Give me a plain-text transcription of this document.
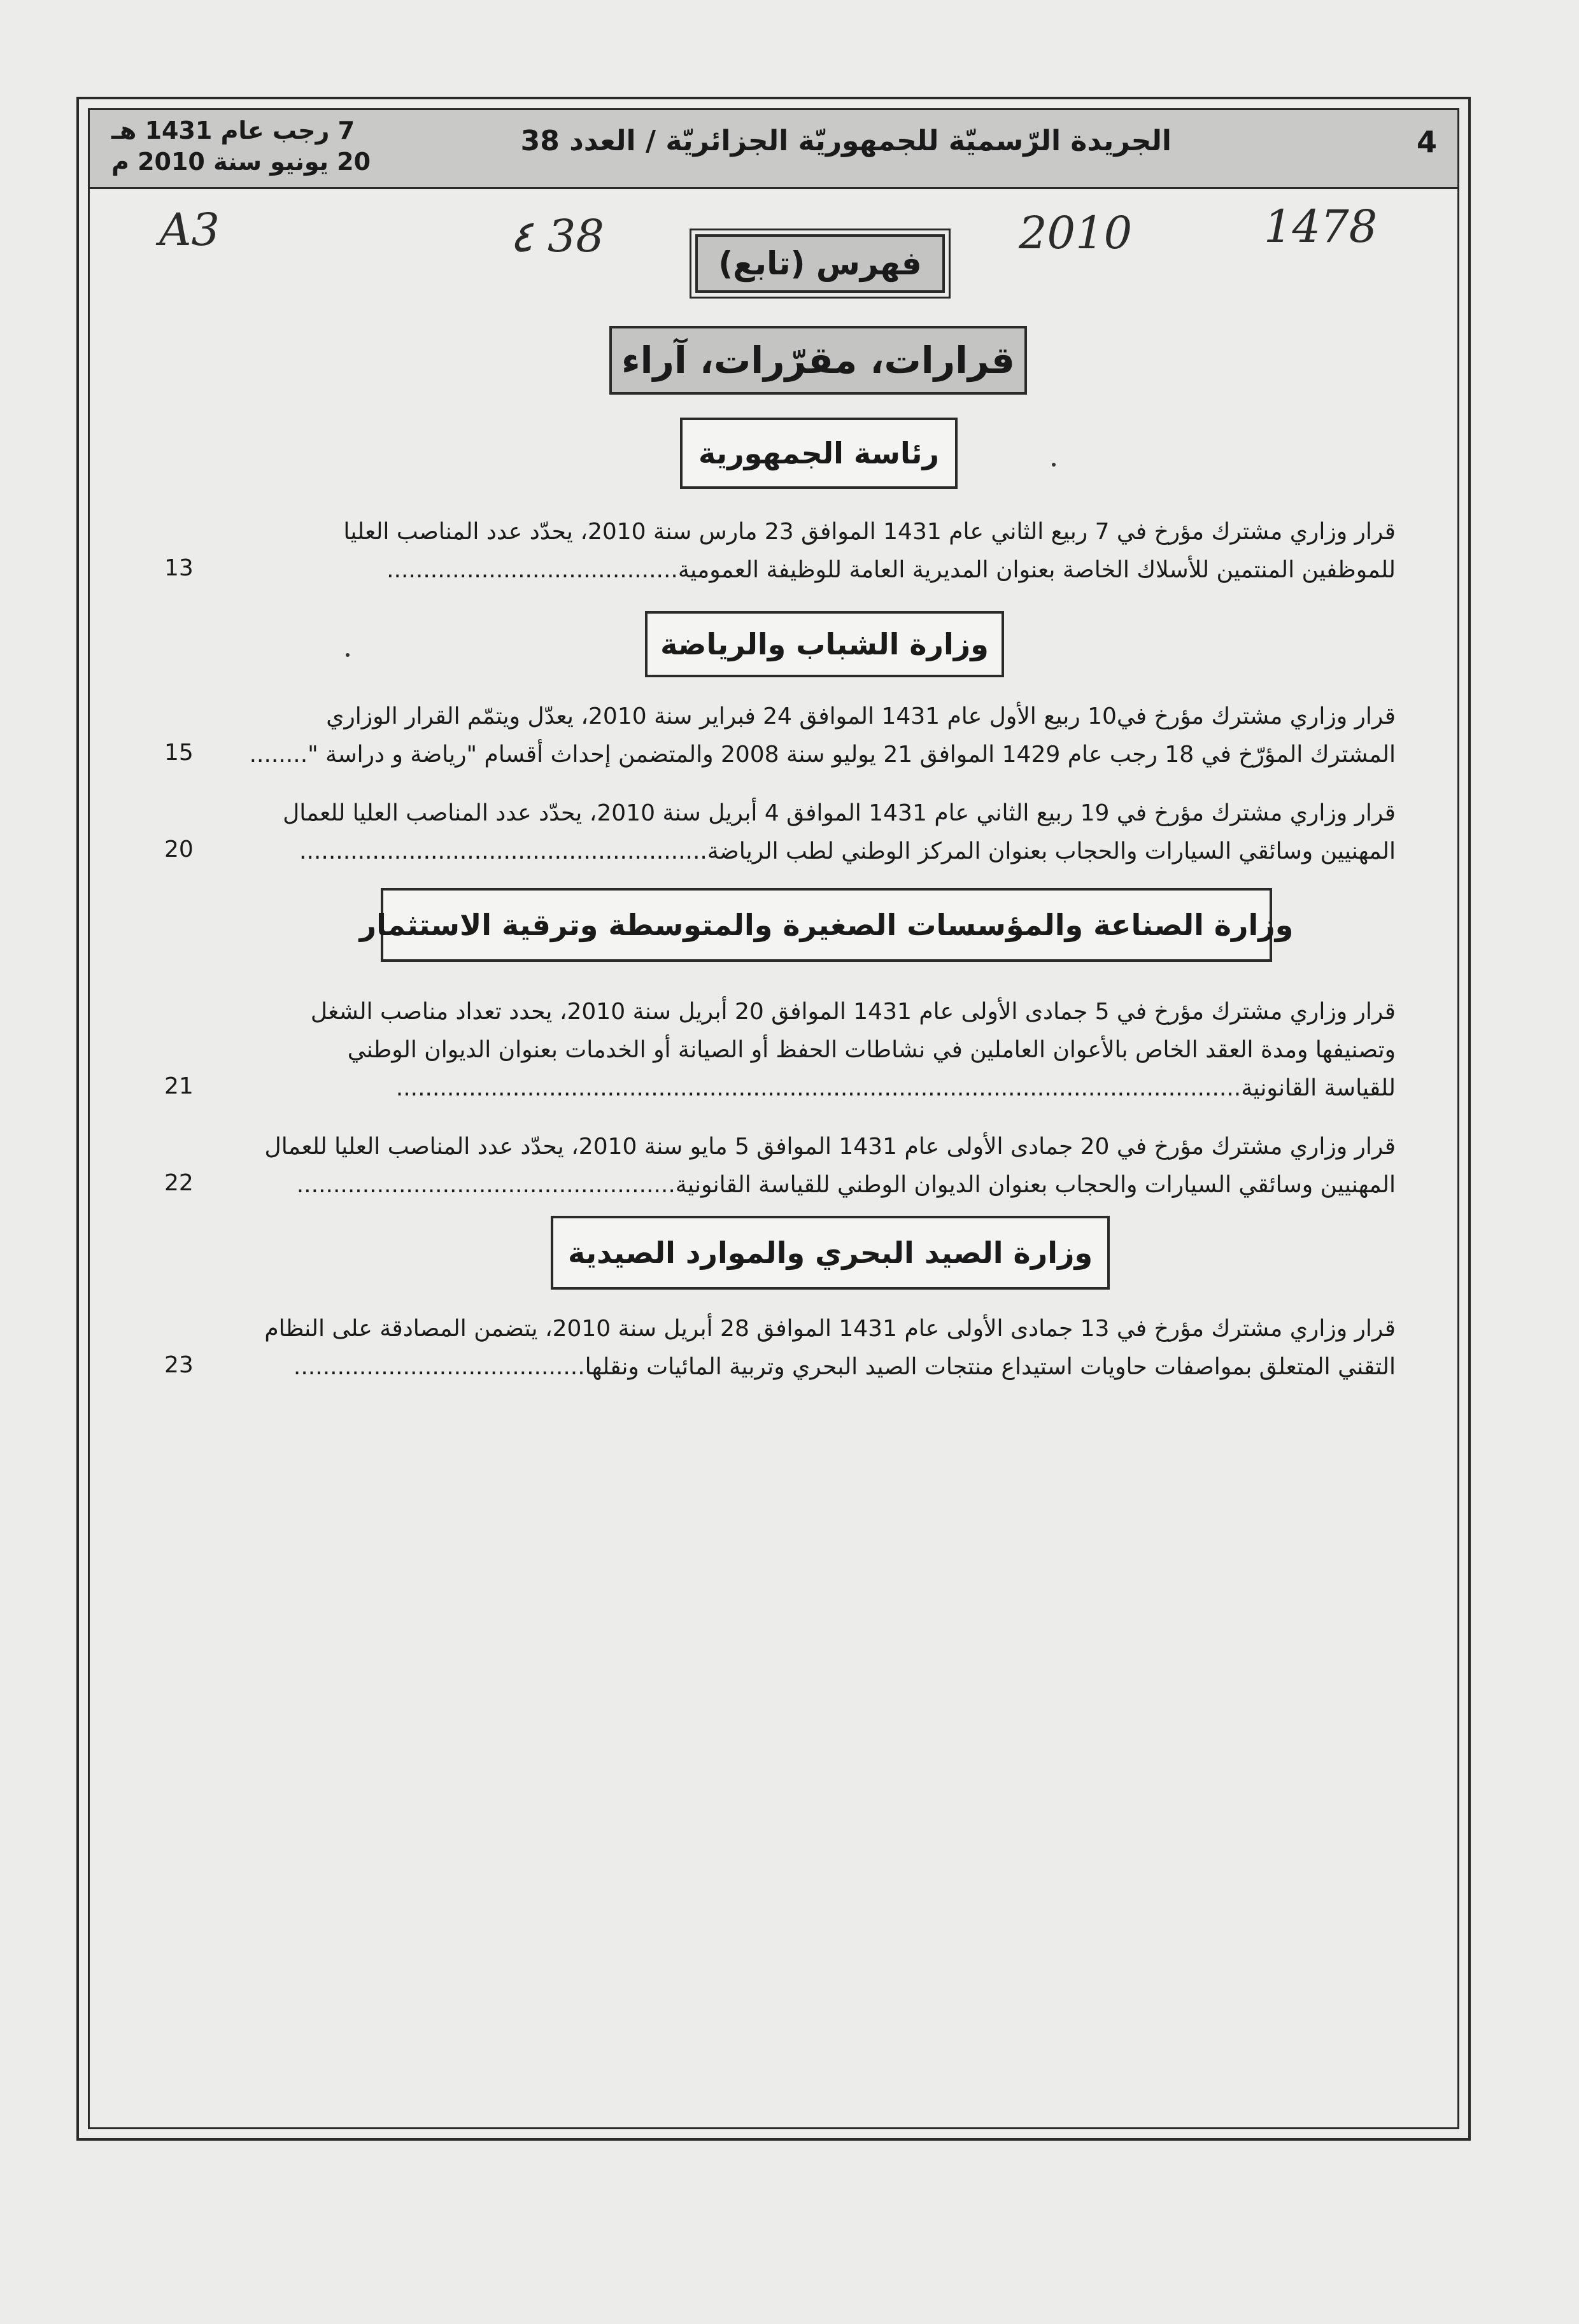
4
الجريدة الرّسميّة للجمهوريّة الجزائريّة / العدد 38
7 رجب عام 1431 هـ
20 يونيو سنة 2010 م
A3	38 ٤	2010	1478
فهرس (تابع)
قرارات، مقرّرات، آراء
رئاسة الجمهورية
قرار وزاري مشترك مؤرخ في 7 ربيع الثاني عام 1431 الموافق 23 مارس سنة 2010، يحدّد عدد المناصب العليا
للموظفين المنتمين للأسلاك الخاصة بعنوان المديرية العامة للوظيفة العمومية........................................
13
وزارة الشباب والرياضة
قرار وزاري مشترك مؤرخ في10 ربيع الأول عام 1431 الموافق 24 فبراير سنة 2010، يعدّل ويتمّم القرار الوزاري
المشترك المؤرّخ في 18 رجب عام 1429 الموافق 21 يوليو سنة 2008 والمتضمن إحداث أقسام "رياضة و دراسة "........
15
قرار وزاري مشترك مؤرخ في 19 ربيع الثاني عام 1431 الموافق 4 أبريل سنة 2010، يحدّد عدد المناصب العليا للعمال
المهنيين وسائقي السيارات والحجاب بعنوان المركز الوطني لطب الرياضة........................................................
20
وزارة الصناعة والمؤسسات الصغيرة والمتوسطة وترقية الاستثمار
قرار وزاري مشترك مؤرخ في 5 جمادى الأولى عام 1431 الموافق 20 أبريل سنة 2010، يحدد تعداد مناصب الشغل
وتصنيفها ومدة العقد الخاص بالأعوان العاملين في نشاطات الحفظ أو الصيانة أو الخدمات بعنوان الديوان الوطني
للقياسة القانونية....................................................................................................................
21
قرار وزاري مشترك مؤرخ في 20 جمادى الأولى عام 1431 الموافق 5 مايو سنة 2010، يحدّد عدد المناصب العليا للعمال
المهنيين وسائقي السيارات والحجاب بعنوان الديوان الوطني للقياسة القانونية....................................................
22
وزارة الصيد البحري والموارد الصيدية
قرار وزاري مشترك مؤرخ في 13 جمادى الأولى عام 1431 الموافق 28 أبريل سنة 2010، يتضمن المصادقة على النظام
التقني المتعلق بمواصفات حاويات استيداع منتجات الصيد البحري وتربية المائيات ونقلها........................................
23
